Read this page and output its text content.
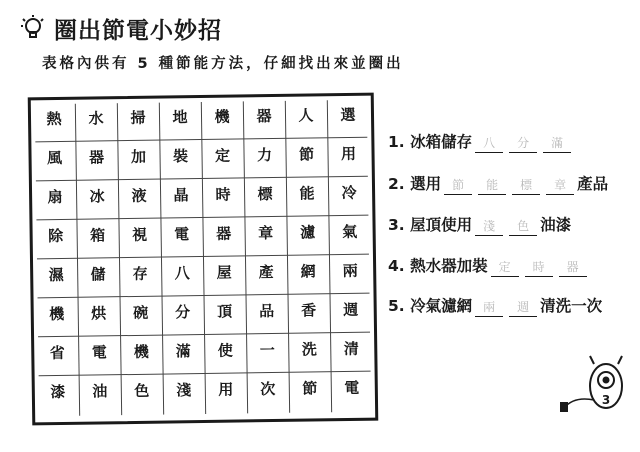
圈出節電小妙招
表格內供有 5 種節能方法，仔細找出來並圈出
熱	水	掃	地	機	器	人	選
風	器	加	裝	定	力	節	用
扇	冰	液	晶	時	標	能	冷
除	箱	視	電	器	章	濾	氣
濕	儲	存	八	屋	產	網	兩
機	烘	碗	分	頂	品	香	週
省	電	機	滿	使	一	洗	清
漆	油	色	淺	用	次	節	電
1. 冰箱儲存 八	分	滿
2. 選用 節	能	標	章 產品
3. 屋頂使用 淺	色 油漆
4. 熱水器加裝 定	時	器
5. 冷氣濾網 兩	週 清洗一次
3
